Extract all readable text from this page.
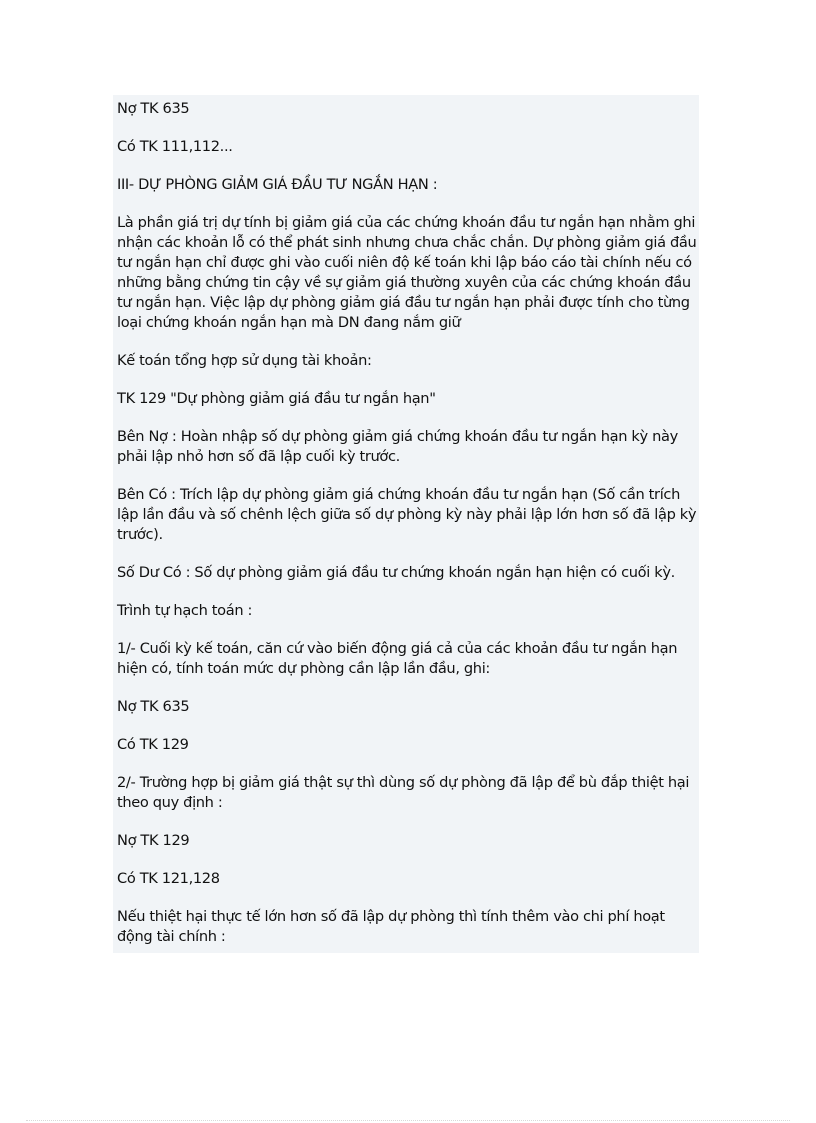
Nợ TK 635

Có TK 111,112...

III- DỰ PHÒNG GIẢM GIÁ ĐẦU TƯ NGẮN HẠN :

Là phần giá trị dự tính bị giảm giá của các chứng khoán đầu tư ngắn hạn nhằm ghi nhận các khoản lỗ có thể phát sinh nhưng chưa chắc chắn. Dự phòng giảm giá đầu tư ngắn hạn chỉ được ghi vào cuối niên độ kế toán khi lập báo cáo tài chính nếu có những bằng chứng tin cậy về sự giảm giá thường xuyên của các chứng khoán đầu tư ngắn hạn. Việc lập dự phòng giảm giá đầu tư ngắn hạn phải được tính cho từng loại chứng khoán ngắn hạn mà DN đang nắm giữ

Kế toán tổng hợp sử dụng tài khoản:

TK 129 "Dự phòng giảm giá đầu tư ngắn hạn"

Bên Nợ : Hoàn nhập số dự phòng giảm giá chứng khoán đầu tư ngắn hạn kỳ này phải lập nhỏ hơn số đã lập cuối kỳ trước.

Bên Có : Trích lập dự phòng giảm giá chứng khoán đầu tư ngắn hạn (Số cần trích lập lần đầu và số chênh lệch giữa số dự phòng kỳ này phải lập lớn hơn số đã lập kỳ trước).

Số Dư Có : Số dự phòng giảm giá đầu tư chứng khoán ngắn hạn hiện có cuối kỳ.

Trình tự hạch toán :

1/- Cuối kỳ kế toán, căn cứ vào biến động giá cả của các khoản đầu tư ngắn hạn hiện có, tính toán mức dự phòng cần lập lần đầu, ghi:

Nợ TK 635

Có TK 129

2/- Trường hợp bị giảm giá thật sự thì dùng số dự phòng đã lập để bù đắp thiệt hại theo quy định :

Nợ TK 129

Có TK 121,128

Nếu thiệt hại thực tế lớn hơn số đã lập dự phòng thì tính thêm vào chi phí hoạt động tài chính :
